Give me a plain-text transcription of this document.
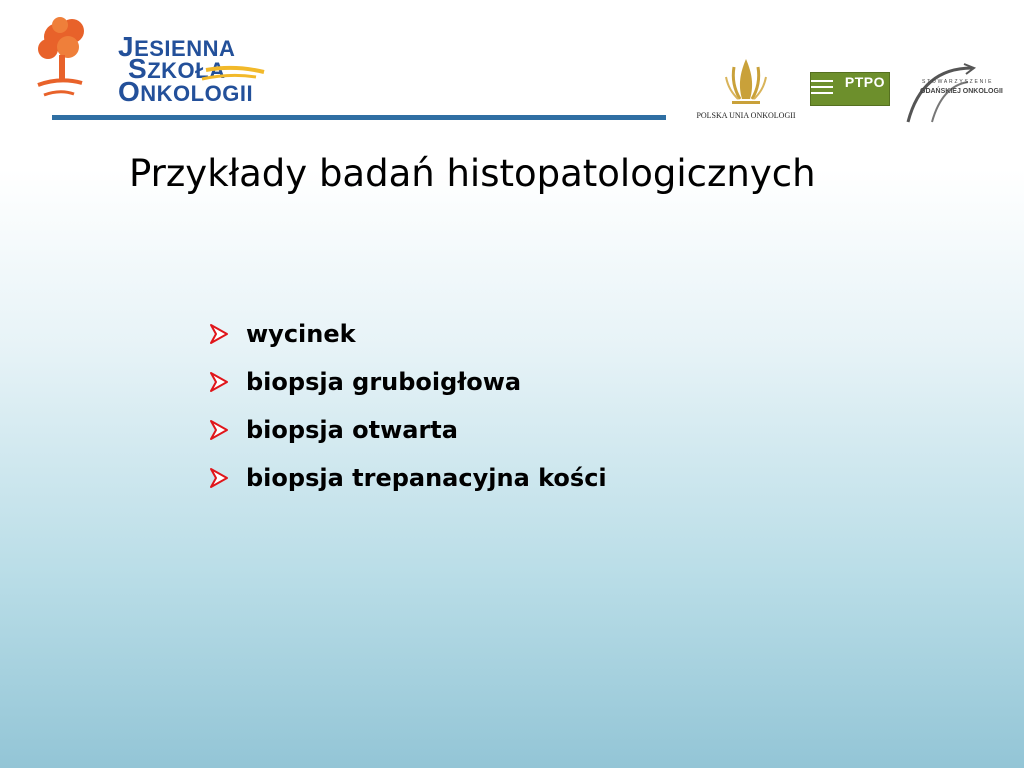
JESIENNA
SZKOŁA
ONKOLOGII
POLSKA UNIA ONKOLOGII
PTPO	STOWARZYSZENIE
GDAŃSKIEJ ONKOLOGII
Przykłady badań histopatologicznych
wycinek
biopsja gruboigłowa
biopsja otwarta
biopsja trepanacyjna kości
